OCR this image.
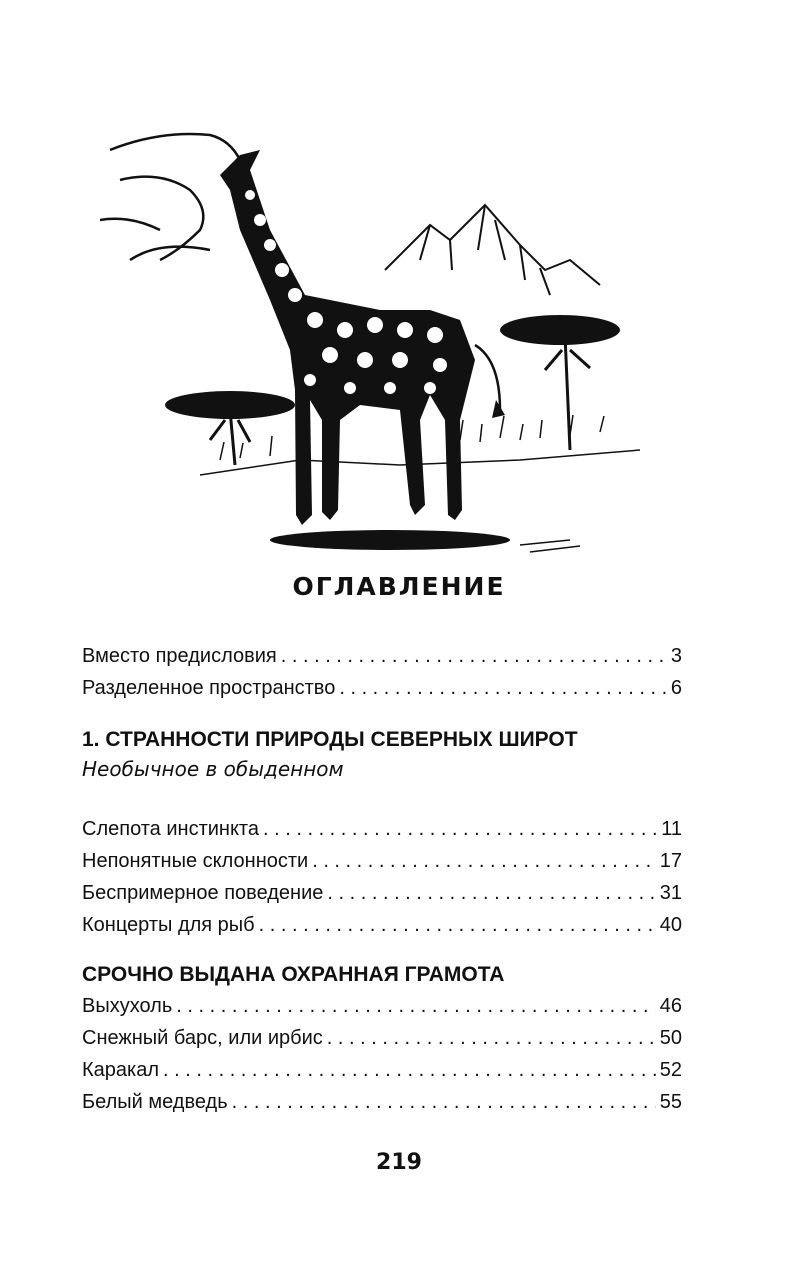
ОГЛАВЛЕНИЕ
Вместо предисловия . . .	3
Разделенное пространство . . .	6
1. СТРАННОСТИ ПРИРОДЫ СЕВЕРНЫХ ШИРОТ
Необычное в обыденном
Слепота инстинкта . . .	11
Непонятные склонности . . .	17
Беспримерное поведение . . .	31
Концерты для рыб . . .	40
СРОЧНО ВЫДАНА ОХРАННАЯ ГРАМОТА
Выхухоль . . .	46
Снежный барс, или ирбис . . .	50
Каракал . . .	52
Белый медведь . . .	55
219
